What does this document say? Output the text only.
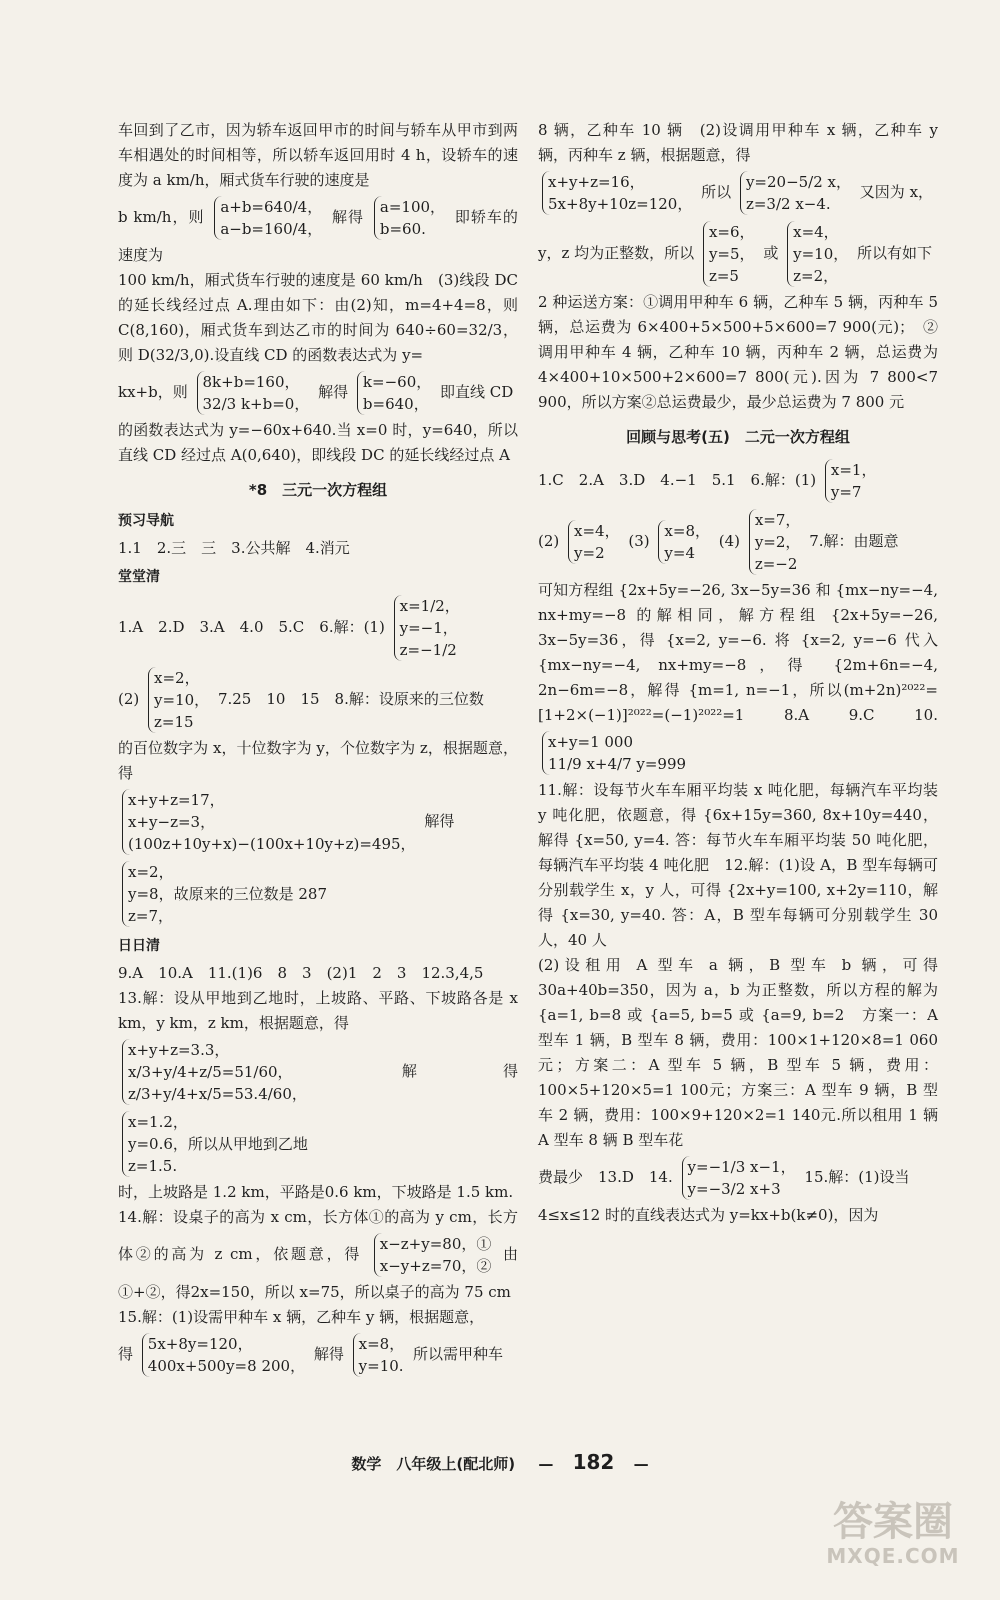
车回到了乙市，因为轿车返回甲市的时间与轿车从甲市到两车相遇处的时间相等，所以轿车返回用时 4 h，设轿车的速度为 a km/h，厢式货车行驶的速度是

b km/h，则
a+b=640/4，
a−b=160/4，
解得
a=100，
b=60.
即轿车的速度为

100 km/h，厢式货车行驶的速度是 60 km/h　(3)线段 DC 的延长线经过点 A.理由如下：由(2)知，m=4+4=8，则 C(8,160)，厢式货车到达乙市的时间为 640÷60=32/3，则 D(32/3,0).设直线 CD 的函数表达式为 y=

kx+b，则
8k+b=160，
32/3 k+b=0，
解得
k=−60，
b=640，
即直线 CD

的函数表达式为 y=−60x+640.当 x=0 时，y=640，所以直线 CD 经过点 A(0,640)，即线段 DC 的延长线经过点 A

*8　三元一次方程组
预习导航

1.1　2.三　三　3.公共解　4.消元

堂堂清

1.A　2.D　3.A　4.0　5.C　6.解：(1)
x=1/2，
y=−1，
z=−1/2

(2)
x=2，
y=10，
z=15
7.25　10　15　8.解：设原来的三位数

的百位数字为 x，十位数字为 y，个位数字为 z，根据题意，得

x+y+z=17，
x+y−z=3，
(100z+10y+x)−(100x+10y+z)=495，
解得

x=2，
y=8，故原来的三位数是 287
z=7，

日日清

9.A　10.A　11.(1)6　8　3　(2)1　2　3　12.3,4,5

13.解：设从甲地到乙地时，上坡路、平路、下坡路各是 x km，y km，z km，根据题意，得

x+y+z=3.3，
x/3+y/4+z/5=51/60，
z/3+y/4+x/5=53.4/60，
解得
x=1.2，
y=0.6，所以从甲地到乙地
z=1.5.

时，上坡路是 1.2 km，平路是0.6 km，下坡路是 1.5 km.

14.解：设桌子的高为 x cm，长方体①的高为 y cm，长方体②的高为 z cm，依题意，得
x−z+y=80，①
x−y+z=70，②
由①+②，得2x=150，所以 x=75，所以桌子的高为 75 cm

15.解：(1)设需甲种车 x 辆，乙种车 y 辆，根据题意，

得
5x+8y=120，
400x+500y=8 200，
解得
x=8，
y=10.
所以需甲种车

8 辆，乙种车 10 辆　(2)设调用甲种车 x 辆，乙种车 y 辆，丙种车 z 辆，根据题意，得

x+y+z=16，
5x+8y+10z=120，
所以
y=20−5/2 x，
z=3/2 x−4.
又因为 x，

y，z 均为正整数，所以
x=6，
y=5，
z=5
或
x=4，
y=10，
z=2，
所以有如下

2 种运送方案：①调用甲种车 6 辆，乙种车 5 辆，丙种车 5 辆，总运费为 6×400+5×500+5×600=7 900(元)；　②调用甲种车 4 辆，乙种车 10 辆，丙种车 2 辆，总运费为 4×400+10×500+2×600=7 800(元).因为 7 800<7 900，所以方案②总运费最少，最少总运费为 7 800 元

回顾与思考(五)　二元一次方程组

1.C　2.A　3.D　4.−1　5.1　6.解：(1)
x=1，
y=7

(2)
x=4，
y=2
(3)
x=8，
y=4
(4)
x=7，
y=2，
z=−2
7.解：由题意

可知方程组 {2x+5y=−26, 3x−5y=36 和 {mx−ny=−4, nx+my=−8 的解相同，解方程组 {2x+5y=−26, 3x−5y=36，得 {x=2, y=−6. 将 {x=2, y=−6 代入 {mx−ny=−4, nx+my=−8，得 {2m+6n=−4, 2n−6m=−8，解得 {m=1, n=−1，所以(m+2n)²⁰²²=[1+2×(−1)]²⁰²²=(−1)²⁰²²=1　8.A　9.C　10.
x+y=1 000
11/9 x+4/7 y=999

11.解：设每节火车车厢平均装 x 吨化肥，每辆汽车平均装 y 吨化肥，依题意，得 {6x+15y=360, 8x+10y=440，解得 {x=50, y=4. 答：每节火车车厢平均装 50 吨化肥，每辆汽车平均装 4 吨化肥　12.解：(1)设 A，B 型车每辆可分别载学生 x，y 人，可得 {2x+y=100, x+2y=110，解得 {x=30, y=40. 答：A，B 型车每辆可分别载学生 30 人，40 人

(2)设租用 A 型车 a 辆，B 型车 b 辆，可得 30a+40b=350，因为 a，b 为正整数，所以方程的解为 {a=1, b=8 或 {a=5, b=5 或 {a=9, b=2　方案一：A 型车 1 辆，B 型车 8 辆，费用：100×1+120×8=1 060元；方案二：A 型车 5 辆，B 型车 5 辆，费用：100×5+120×5=1 100元；方案三：A 型车 9 辆，B 型车 2 辆，费用：100×9+120×2=1 140元.所以租用 1 辆 A 型车 8 辆 B 型车花

费最少　13.D　14.
y=−1/3 x−1，
y=−3/2 x+3
15.解：(1)设当

4≤x≤12 时的直线表达式为 y=kx+b(k≠0)，因为

数学　八年级上(配北师) — 182 —
答案圈
MXQE.COM
